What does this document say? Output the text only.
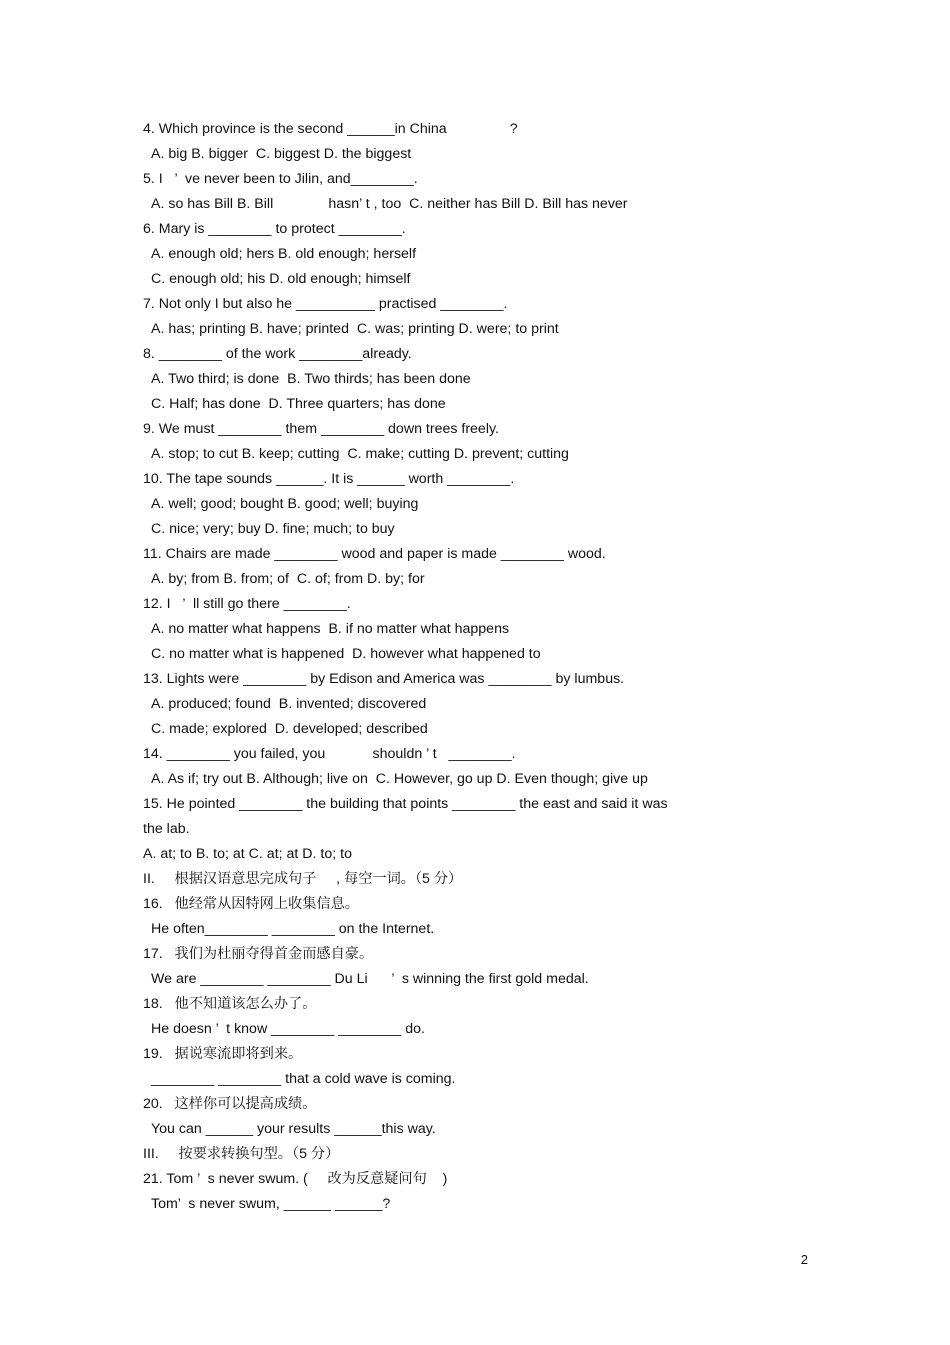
4. Which province is the second ______in China                ?
A. big B. bigger  C. biggest D. the biggest
5. I   ’  ve never been to Jilin, and________.
A. so has Bill B. Bill              hasn’ t , too  C. neither has Bill D. Bill has never
6. Mary is ________ to protect ________.
A. enough old; hers B. old enough; herself
C. enough old; his D. old enough; himself
7. Not only I but also he __________ practised ________.
A. has; printing B. have; printed  C. was; printing D. were; to print
8. ________ of the work ________already.
A. Two third; is done  B. Two thirds; has been done
C. Half; has done  D. Three quarters; has done
9. We must ________ them ________ down trees freely.
A. stop; to cut B. keep; cutting  C. make; cutting D. prevent; cutting
10. The tape sounds ______. It is ______ worth ________.
A. well; good; bought B. good; well; buying
C. nice; very; buy D. fine; much; to buy
11. Chairs are made ________ wood and paper is made ________ wood.
A. by; from B. from; of  C. of; from D. by; for
12. I   ’  ll still go there ________.
A. no matter what happens  B. if no matter what happens
C. no matter what is happened  D. however what happened to
13. Lights were ________ by Edison and America was ________ by lumbus.
A. produced; found  B. invented; discovered
C. made; explored  D. developed; described
14. ________ you failed, you            shouldn ’ t   ________.
A. As if; try out B. Although; live on  C. However, go up D. Even though; give up
15. He pointed ________ the building that points ________ the east and said it was
the lab.
A. at; to B. to; at C. at; at D. to; to
II.     根据汉语意思完成句子     , 每空一词。（5 分）
16.   他经常从因特网上收集信息。
He often________ ________ on the Internet.
17.   我们为杜丽夺得首金而感自豪。
We are ________ ________ Du Li      ’  s winning the first gold medal.
18.   他不知道该怎么办了。
He doesn ’  t know ________ ________ do.
19.   据说寒流即将到来。
________ ________ that a cold wave is coming.
20.   这样你可以提高成绩。
You can ______ your results ______this way.
III.     按要求转换句型。（5 分）
21. Tom ’  s never swum. (     改为反意疑问句    )
Tom’  s never swum, ______ ______?
2
